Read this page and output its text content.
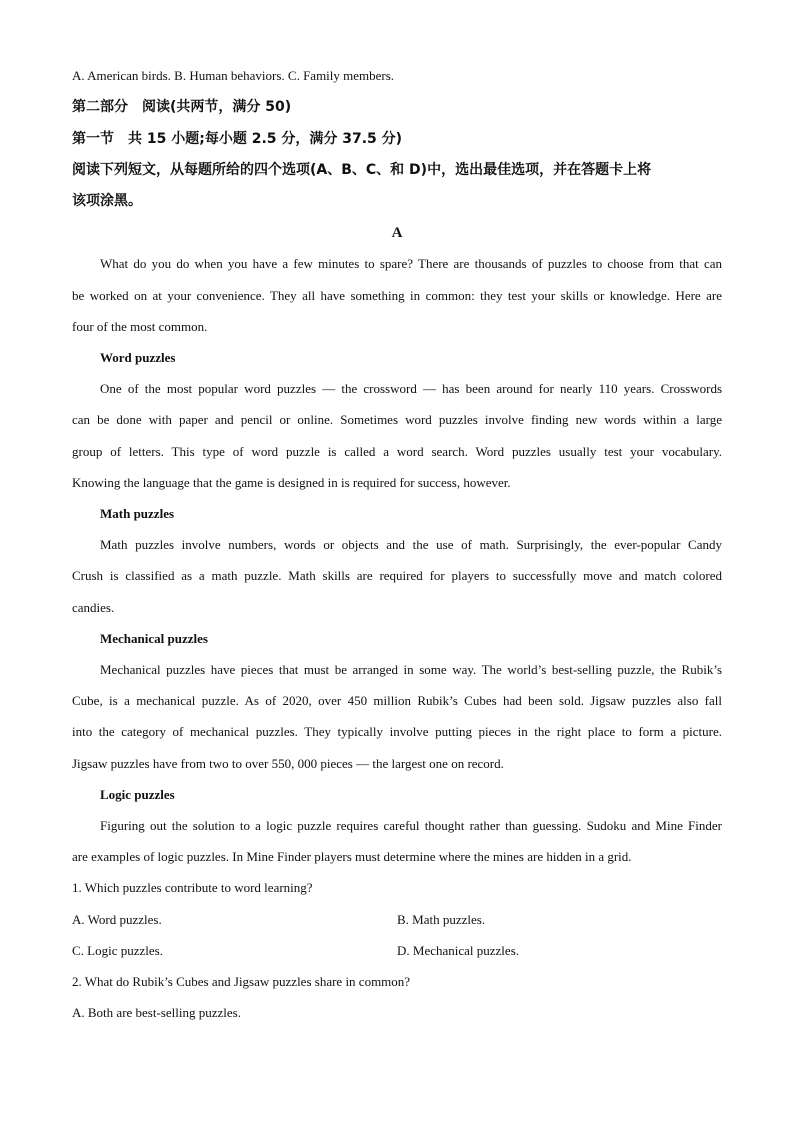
A. American birds. B. Human behaviors. C. Family members.
第二部分　阅读(共两节，满分 50)
第一节　共 15 小题;每小题 2.5 分，满分 37.5 分)
阅读下列短文，从每题所给的四个选项(A、B、C、和 D)中，选出最佳选项，并在答题卡上将
该项涂黑。
A
What do you do when you have a few minutes to spare? There are thousands of puzzles to choose from that can
be worked on at your convenience. They all have something in common: they test your skills or knowledge. Here are
four of the most common.
Word puzzles
One of the most popular word puzzles — the crossword — has been around for nearly 110 years. Crosswords
can be done with paper and pencil or online. Sometimes word puzzles involve finding new words within a large
group of letters. This type of word puzzle is called a word search. Word puzzles usually test your vocabulary.
Knowing the language that the game is designed in is required for success, however.
Math puzzles
Math puzzles involve numbers, words or objects and the use of math. Surprisingly, the ever-popular Candy
Crush is classified as a math puzzle. Math skills are required for players to successfully move and match colored
candies.
Mechanical puzzles
Mechanical puzzles have pieces that must be arranged in some way. The world’s best-selling puzzle, the Rubik’s
Cube, is a mechanical puzzle. As of 2020, over 450 million Rubik’s Cubes had been sold. Jigsaw puzzles also fall
into the category of mechanical puzzles. They typically involve putting pieces in the right place to form a picture.
Jigsaw puzzles have from two to over 550, 000 pieces — the largest one on record.
Logic puzzles
Figuring out the solution to a logic puzzle requires careful thought rather than guessing. Sudoku and Mine Finder
are examples of logic puzzles. In Mine Finder players must determine where the mines are hidden in a grid.
1. Which puzzles contribute to word learning?
A. Word puzzles.	B. Math puzzles.
C. Logic puzzles.	D. Mechanical puzzles.
2. What do Rubik’s Cubes and Jigsaw puzzles share in common?
A. Both are best-selling puzzles.
